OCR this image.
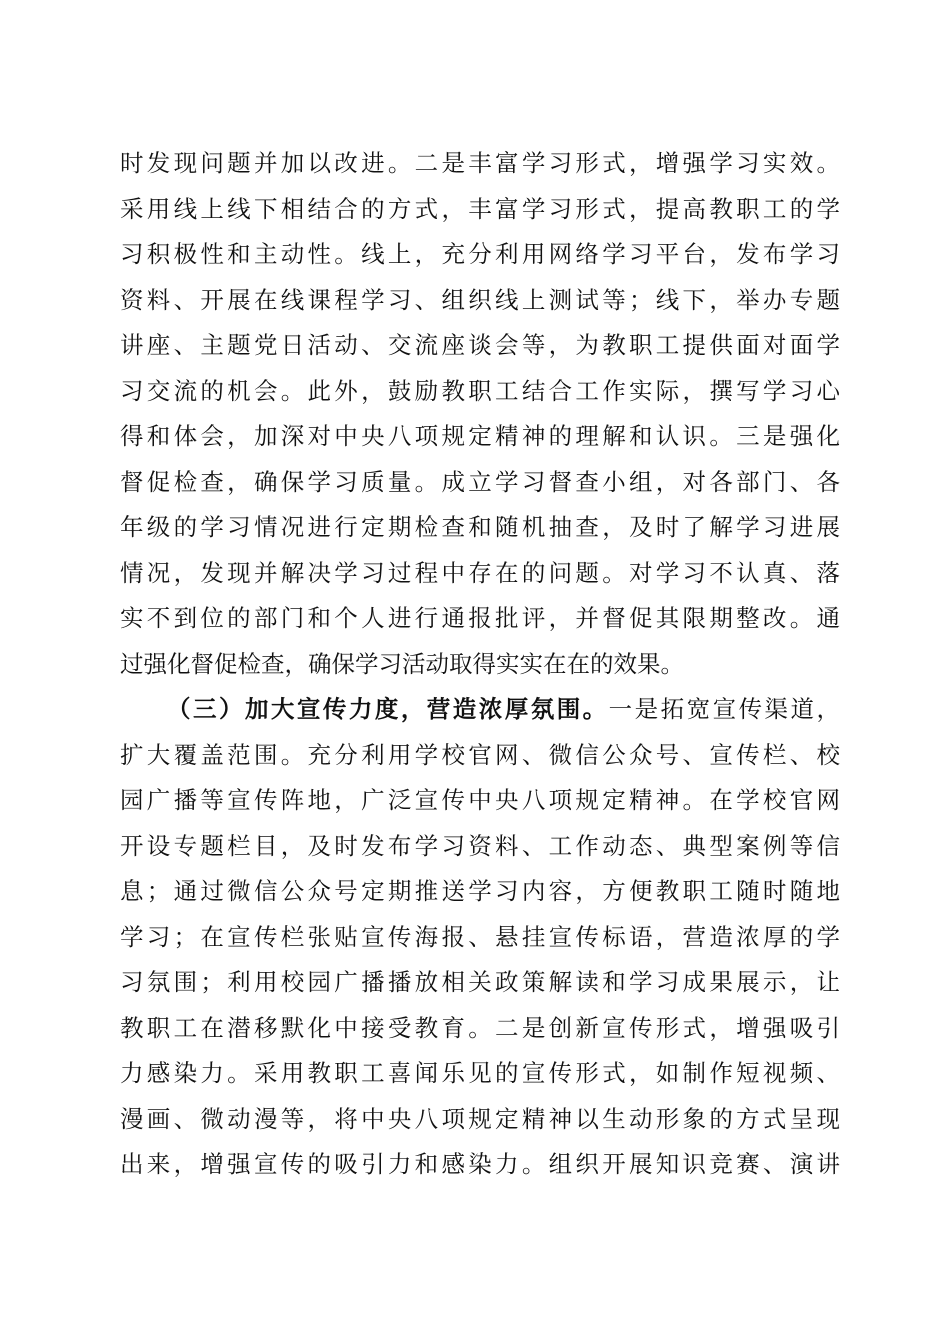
时发现问题并加以改进。二是丰富学习形式，增强学习实效。
采用线上线下相结合的方式，丰富学习形式，提高教职工的学
习积极性和主动性。线上，充分利用网络学习平台，发布学习
资料、开展在线课程学习、组织线上测试等；线下，举办专题
讲座、主题党日活动、交流座谈会等，为教职工提供面对面学
习交流的机会。此外，鼓励教职工结合工作实际，撰写学习心
得和体会，加深对中央八项规定精神的理解和认识。三是强化
督促检查，确保学习质量。成立学习督查小组，对各部门、各
年级的学习情况进行定期检查和随机抽查，及时了解学习进展
情况，发现并解决学习过程中存在的问题。对学习不认真、落
实不到位的部门和个人进行通报批评，并督促其限期整改。通
过强化督促检查，确保学习活动取得实实在在的效果。
（三）加大宣传力度，营造浓厚氛围。一是拓宽宣传渠道，
扩大覆盖范围。充分利用学校官网、微信公众号、宣传栏、校
园广播等宣传阵地，广泛宣传中央八项规定精神。在学校官网
开设专题栏目，及时发布学习资料、工作动态、典型案例等信
息；通过微信公众号定期推送学习内容，方便教职工随时随地
学习；在宣传栏张贴宣传海报、悬挂宣传标语，营造浓厚的学
习氛围；利用校园广播播放相关政策解读和学习成果展示，让
教职工在潜移默化中接受教育。二是创新宣传形式，增强吸引
力感染力。采用教职工喜闻乐见的宣传形式，如制作短视频、
漫画、微动漫等，将中央八项规定精神以生动形象的方式呈现
出来，增强宣传的吸引力和感染力。组织开展知识竞赛、演讲
